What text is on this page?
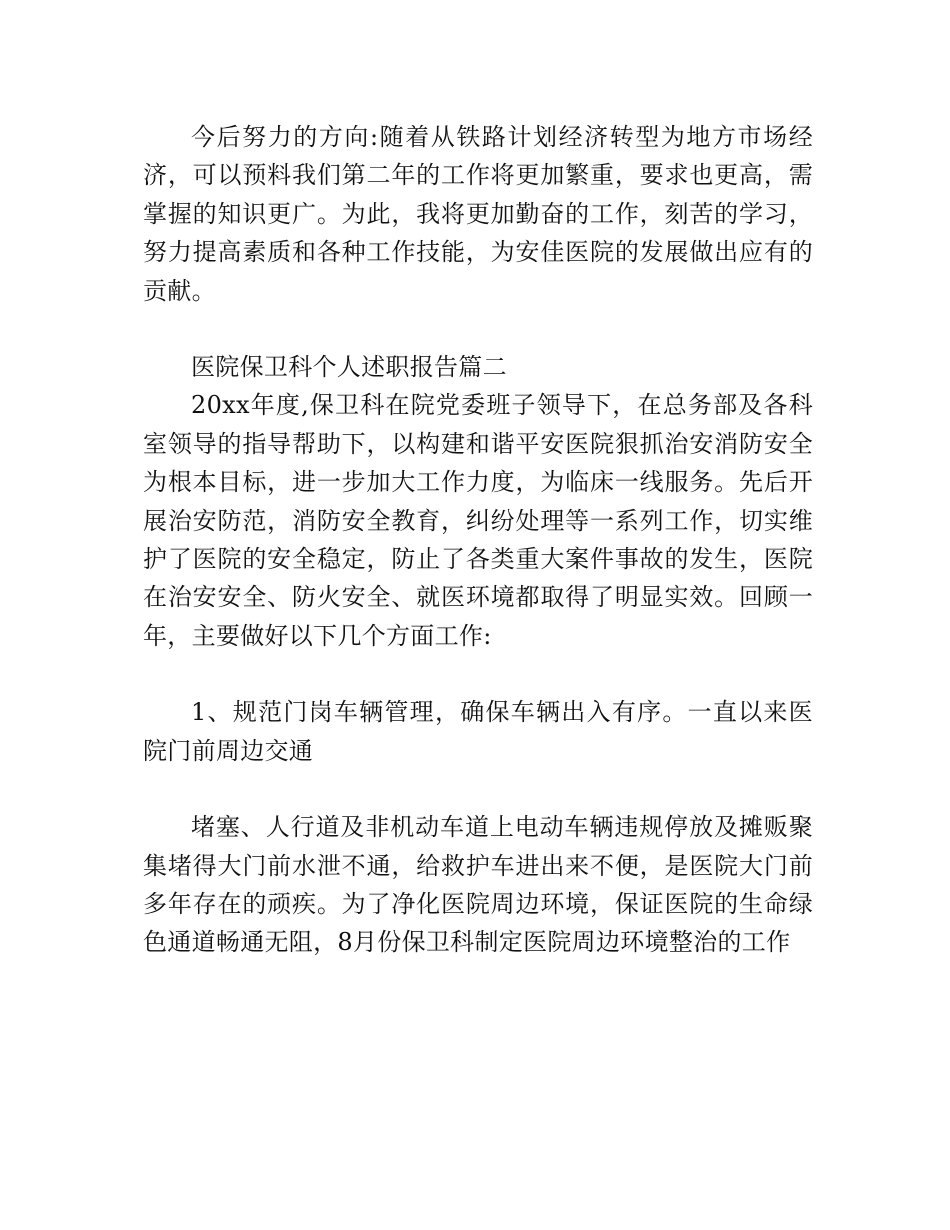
今后努力的方向:随着从铁路计划经济转型为地方市场经济，可以预料我们第二年的工作将更加繁重，要求也更高，需掌握的知识更广。为此，我将更加勤奋的工作，刻苦的学习，努力提高素质和各种工作技能，为安佳医院的发展做出应有的贡献。

医院保卫科个人述职报告篇二

20xx年度,保卫科在院党委班子领导下，在总务部及各科室领导的指导帮助下，以构建和谐平安医院狠抓治安消防安全为根本目标，进一步加大工作力度，为临床一线服务。先后开展治安防范，消防安全教育，纠纷处理等一系列工作，切实维护了医院的安全稳定，防止了各类重大案件事故的发生，医院在治安安全、防火安全、就医环境都取得了明显实效。回顾一年，主要做好以下几个方面工作:

1、规范门岗车辆管理，确保车辆出入有序。一直以来医院门前周边交通

堵塞、人行道及非机动车道上电动车辆违规停放及摊贩聚集堵得大门前水泄不通，给救护车进出来不便，是医院大门前多年存在的顽疾。为了净化医院周边环境，保证医院的生命绿色通道畅通无阻，8月份保卫科制定医院周边环境整治的工作
